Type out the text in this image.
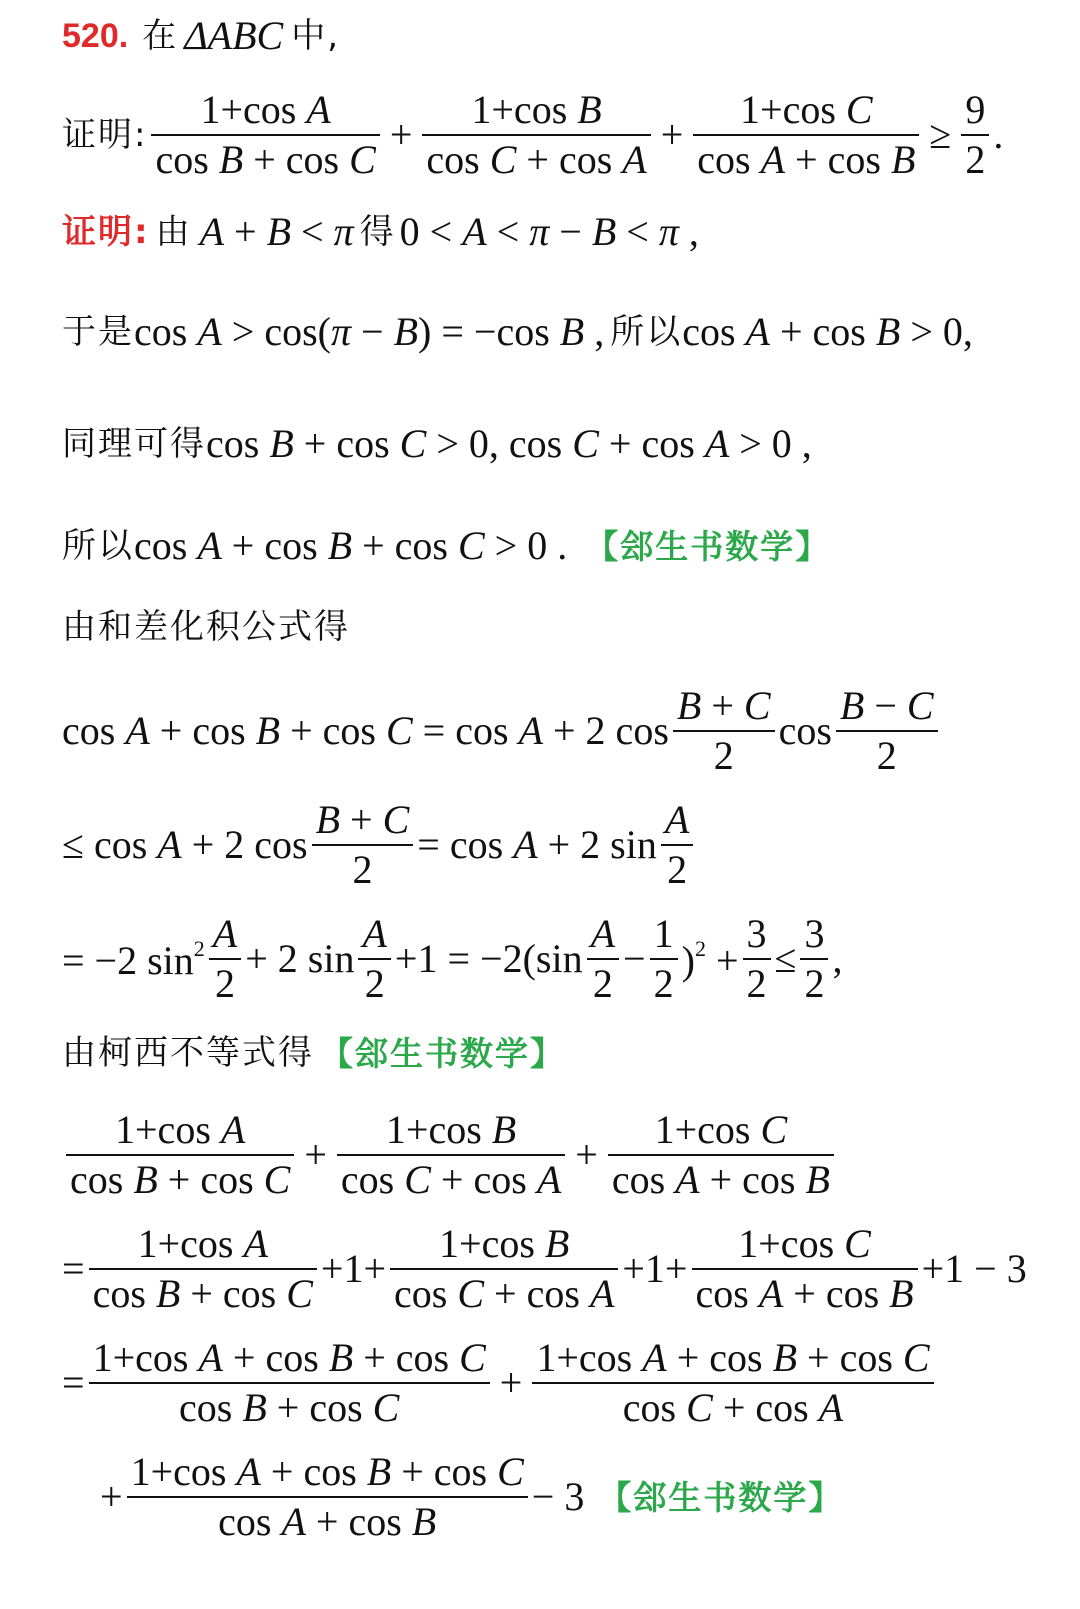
520. 在 ΔABC 中,
证明: $\frac{\text{1+cos A}}{\text{cos B + cos C}} + \frac{\text{1+cos B}}{\text{cos C + cos A}} + \frac{\text{1+cos C}}{\text{cos A + cos B}} \ge \frac{9}{2}$ .
证明: 由 A + B < π 得 0 < A < π − B < π ,
于是 cos A > cos(π − B) = −cos B , 所以 cos A + cos B > 0,
同理可得 cos B + cos C > 0, cos C + cos A > 0 ,
所以 cos A + cos B + cos C > 0 . 【郐生书数学】
由和差化积公式得
cos A + cos B + cos C = cos A + 2 $\cos \frac{B + C}{2}$ $\cos \frac{B - C}{2}$
≤ cos A + 2 $\cos \frac{B + C}{2} = \cos A + 2$ $\sin \frac{A}{2}$
= −2 $\sin^2 \frac{A}{2} + 2$ $\sin \frac{A}{2} +1 = -2(\sin \frac{A}{2} - \frac{1}{2} )^2 + \frac{3}{2} \le \frac{3}{2}$ ,
由柯西不等式得 【郐生书数学】
$\frac{\text{1+cos A}}{\text{cos B + cos C}} + \frac{\text{1+cos B}}{\text{cos C + cos A}} + \frac{\text{1+cos C}}{\text{cos A + cos B}}$
= $\frac{\text{1+cos A}}{\text{cos B + cos C}} +1+ \frac{\text{1+cos B}}{\text{cos C + cos A}} +1+ \frac{\text{1+cos C}}{\text{cos A + cos B}} +1 - 3$
= $\frac{\text{1+cos A + cos B + cos C}}{\text{cos B + cos C}} + \frac{\text{1+cos A + cos B + cos C}}{\text{cos C + cos A}}$
+ $\frac{\text{1+cos A + cos B + cos C}}{\text{cos A + cos B}} - 3$ 【郐生书数学】
